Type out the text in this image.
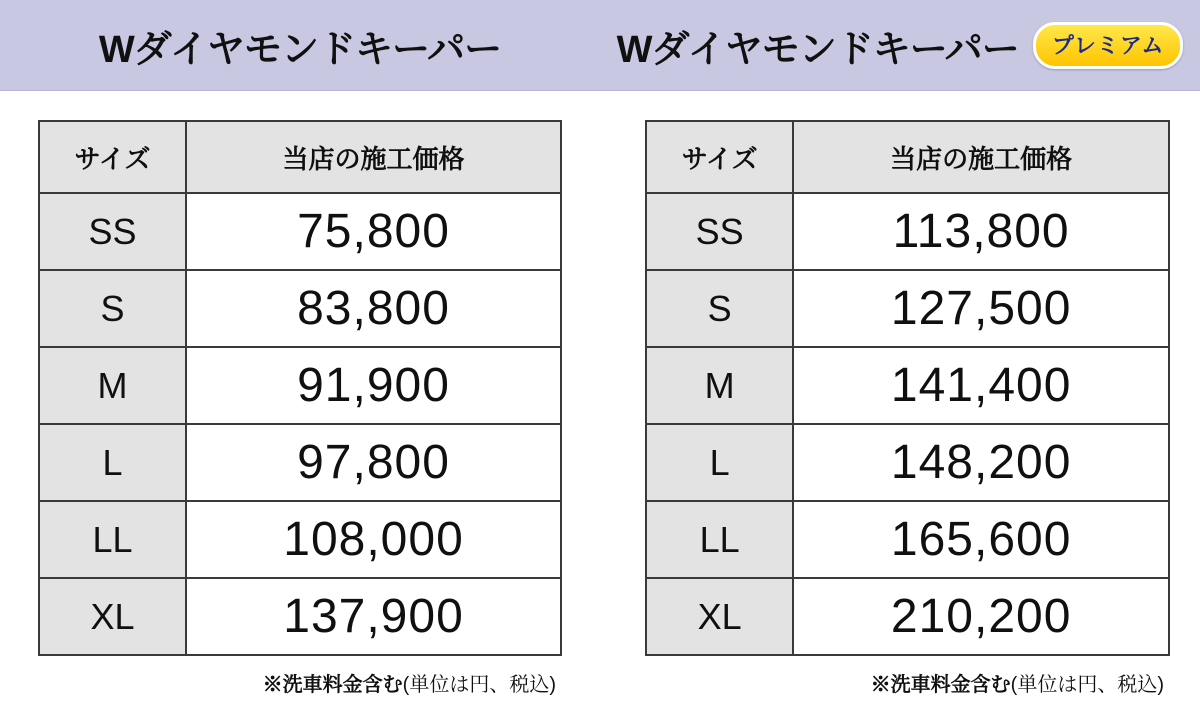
Wダイヤモンドキーパー	Wダイヤモンドキーパー	プレミアム
サイズ	当店の施工価格
SS	75,800
S	83,800
M	91,900
L	97,800
LL	108,000
XL	137,900
※洗車料金含む(単位は円、税込)
サイズ	当店の施工価格
SS	113,800
S	127,500
M	141,400
L	148,200
LL	165,600
XL	210,200
※洗車料金含む(単位は円、税込)
